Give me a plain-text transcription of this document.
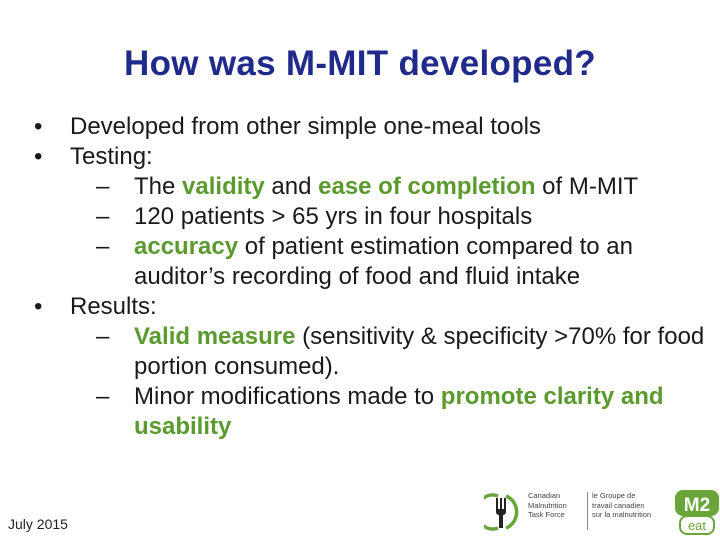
How was M-MIT developed?
• Developed from other simple one-meal tools
• Testing:
– The validity and ease of completion of M-MIT
– 120 patients > 65 yrs in four hospitals
– accuracy of patient estimation compared to an auditor’s recording of food and fluid intake
• Results:
– Valid measure (sensitivity & specificity >70% for food portion consumed).
– Minor modifications made to promote clarity and usability
July 2015
Canadian
Malnutrition
Task Force
le Groupe de
travail canadien
sur la malnutrition	M2
eat
